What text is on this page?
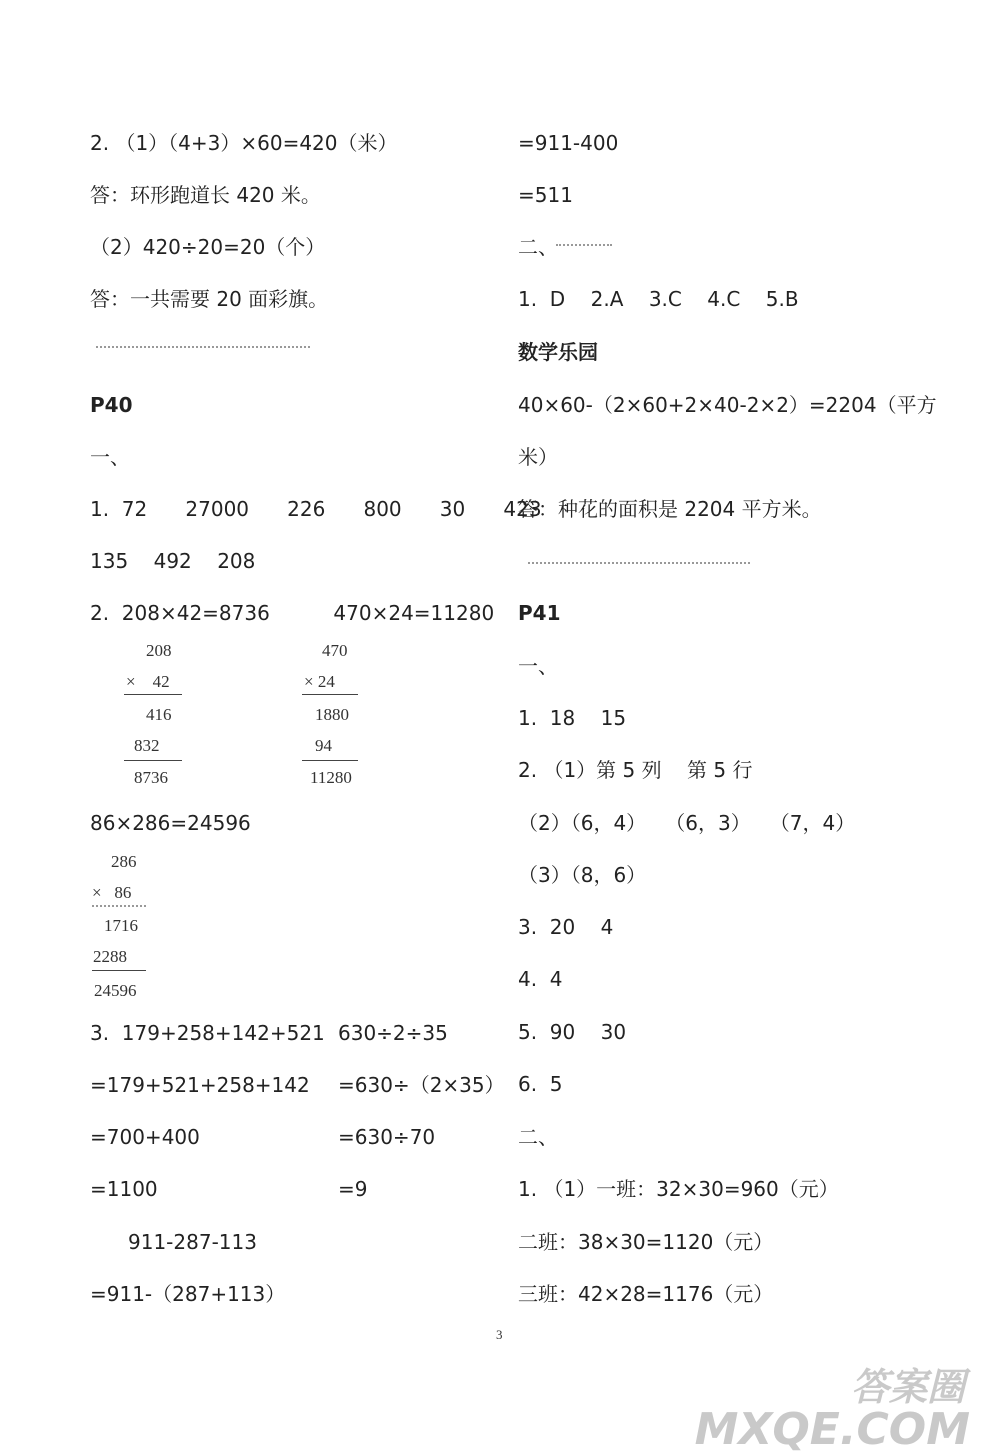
2. （1）（4+3）×60=420（米）
答：环形跑道长 420 米。
（2）420÷20=20（个）
答：一共需要 20 面彩旗。
P40
一、
1.  72      27000      226      800      30      423
135    492    208
2.  208×42=8736          470×24=11280
208
×    42
416
832
8736
470
× 24
1880
94
11280
86×286=24596
286
×   86
1716
2288
24596
3.  179+258+142+521
=179+521+258+142
=700+400
=1100
911-287-113
=911-（287+113）
630÷2÷35
=630÷（2×35）
=630÷70
=9
=911-400
=511
二、
1.  D    2.A    3.C    4.C    5.B
数学乐园
40×60-（2×60+2×40-2×2）=2204（平方
米）
答：种花的面积是 2204 平方米。
P41
一、
1.  18    15
2. （1）第 5 列    第 5 行
（2）（6，4）   （6，3）   （7，4）
（3）（8，6）
3.  20    4
4.  4
5.  90    30
6.  5
二、
1. （1）一班：32×30=960（元）
二班：38×30=1120（元）
三班：42×28=1176（元）
3
答案圈
MXQE.COM
